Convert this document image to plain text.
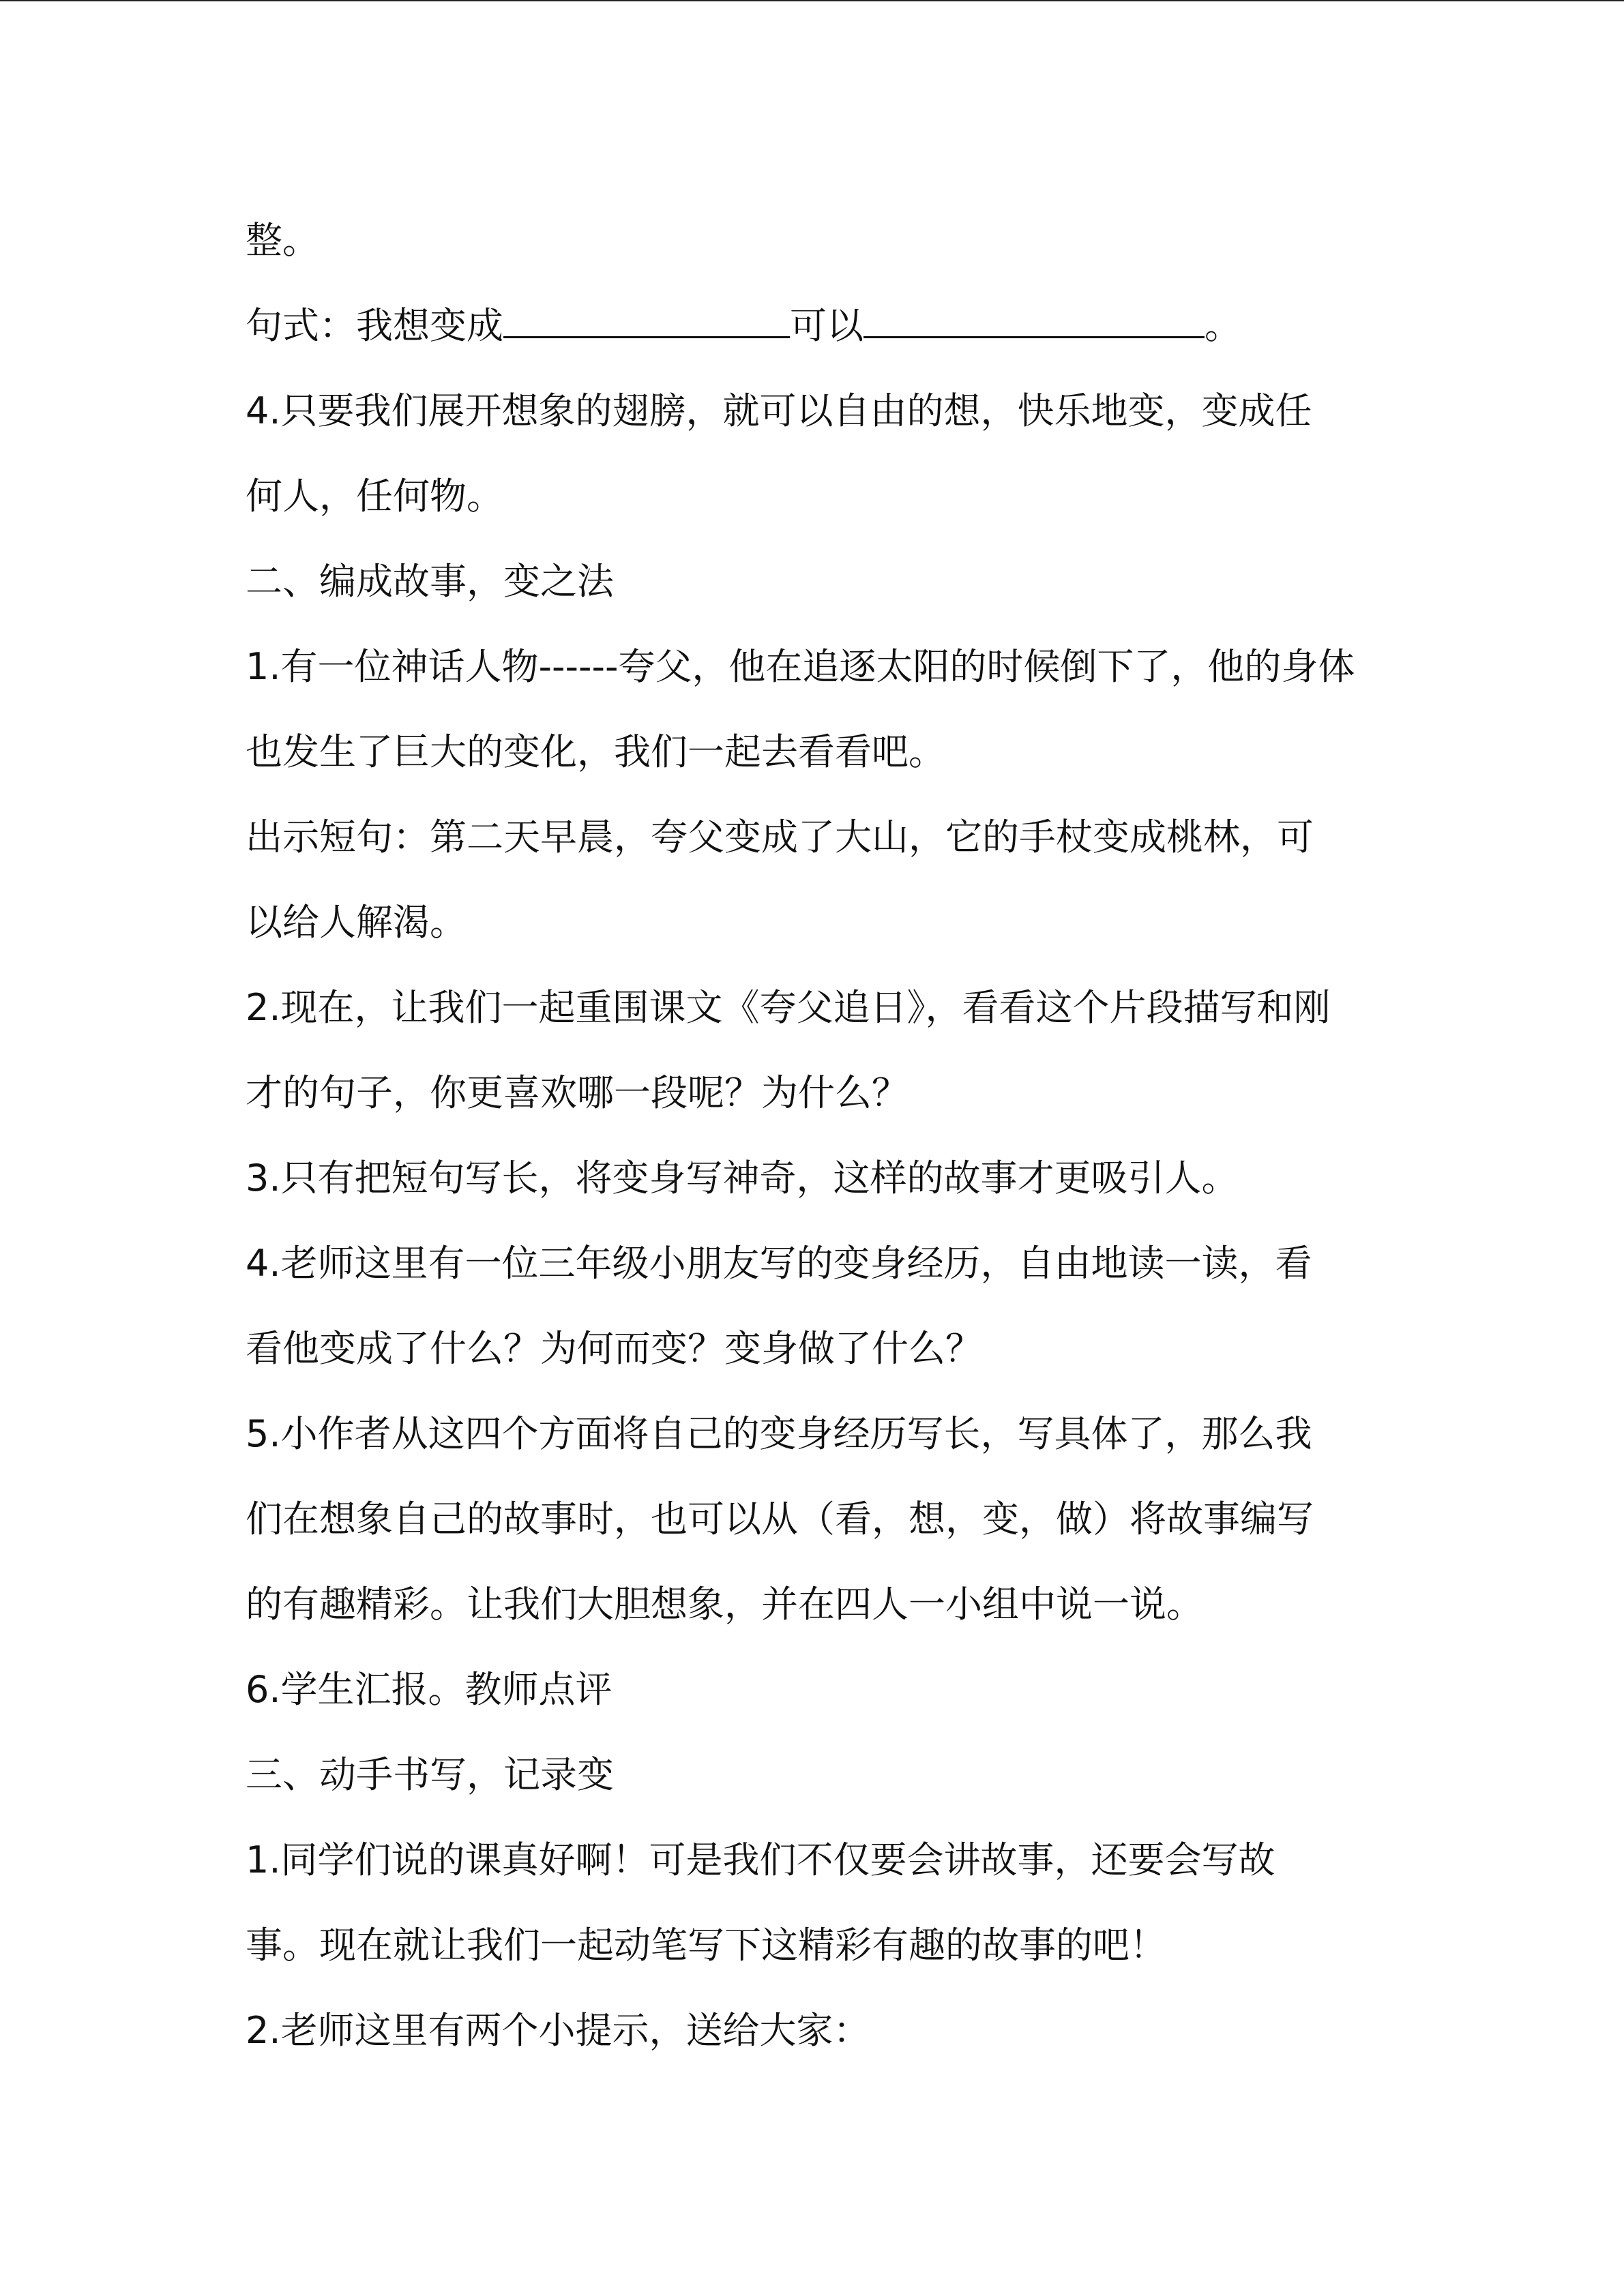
整。
句式：我想变成	可以	。
4.只要我们展开想象的翅膀，就可以自由的想，快乐地变，变成任
何人，任何物。
二、编成故事，变之法
1.有一位神话人物------夸父，他在追逐太阳的时候倒下了，他的身体
也发生了巨大的变化，我们一起去看看吧。
出示短句：第二天早晨，夸父变成了大山，它的手杖变成桃林，可
以给人解渴。
2.现在，让我们一起重围课文《夸父追日》，看看这个片段描写和刚
才的句子，你更喜欢哪一段呢？为什么？
3.只有把短句写长，将变身写神奇，这样的故事才更吸引人。
4.老师这里有一位三年级小朋友写的变身经历，自由地读一读，看
看他变成了什么？为何而变？变身做了什么？
5.小作者从这四个方面将自己的变身经历写长，写具体了，那么我
们在想象自己的故事时，也可以从（看，想，变，做）将故事编写
的有趣精彩。让我们大胆想象，并在四人一小组中说一说。
6.学生汇报。教师点评
三、动手书写，记录变
1.同学们说的课真好啊！可是我们不仅要会讲故事，还要会写故
事。现在就让我们一起动笔写下这精彩有趣的故事的吧！
2.老师这里有两个小提示，送给大家：
